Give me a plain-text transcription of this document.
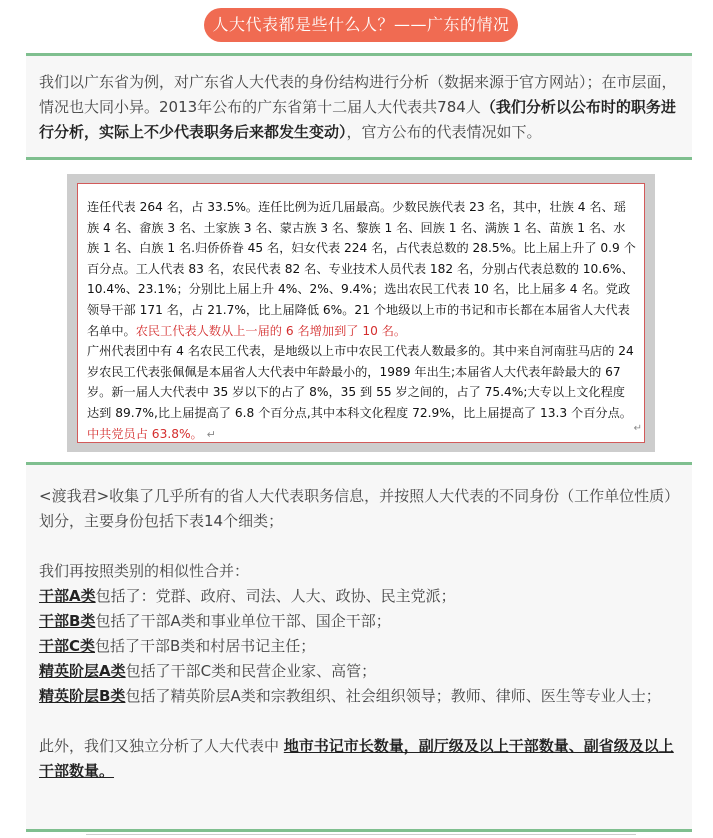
人大代表都是些什么人？——广东的情况

我们以广东省为例，对广东省人大代表的身份结构进行分析（数据来源于官方网站）；在市层面，情况也大同小异。2013年公布的广东省第十二届人大代表共784人（我们分析以公布时的职务进行分析，实际上不少代表职务后来都发生变动），官方公布的代表情况如下。

连任代表 264 名，占 33.5%。连任比例为近几届最高。少数民族代表 23 名，其中，壮族 4 名、瑶族 4 名、畲族 3 名、土家族 3 名、蒙古族 3 名、黎族 1 名、回族 1 名、满族 1 名、苗族 1 名、水族 1 名、白族 1 名.归侨侨眷 45 名，妇女代表 224 名，占代表总数的 28.5%。比上届上升了 0.9 个百分点。工人代表 83 名，农民代表 82 名、专业技术人员代表 182 名，分别占代表总数的 10.6%、10.4%、23.1%；分别比上届上升 4%、2%、9.4%；选出农民工代表 10 名，比上届多 4 名。党政领导干部 171 名，占 21.7%，比上届降低 6%。21 个地级以上市的书记和市长都在本届省人大代表名单中。农民工代表人数从上一届的 6 名增加到了 10 名。
广州代表团中有 4 名农民工代表，是地级以上市中农民工代表人数最多的。其中来自河南驻马店的 24 岁农民工代表张佩佩是本届省人大代表中年龄最小的，1989 年出生;本届省人大代表年龄最大的 67 岁。新一届人大代表中 35 岁以下的占了 8%，35 到 55 岁之间的，占了 75.4%;大专以上文化程度达到 89.7%,比上届提高了 6.8 个百分点,其中本科文化程度 72.9%，比上届提高了 13.3 个百分点。 中共党员占 63.8%。 ↵	↵

<渡我君>收集了几乎所有的省人大代表职务信息，并按照人大代表的不同身份（工作单位性质）划分，主要身份包括下表14个细类；

我们再按照类别的相似性合并：

干部A类包括了：党群、政府、司法、人大、政协、民主党派；

干部B类包括了干部A类和事业单位干部、国企干部；

干部C类包括了干部B类和村居书记主任；

精英阶层A类包括了干部C类和民营企业家、高管；

精英阶层B类包括了精英阶层A类和宗教组织、社会组织领导；教师、律师、医生等专业人士；

此外，我们又独立分析了人大代表中 地市书记市长数量，副厅级及以上干部数量、副省级及以上干部数量。
